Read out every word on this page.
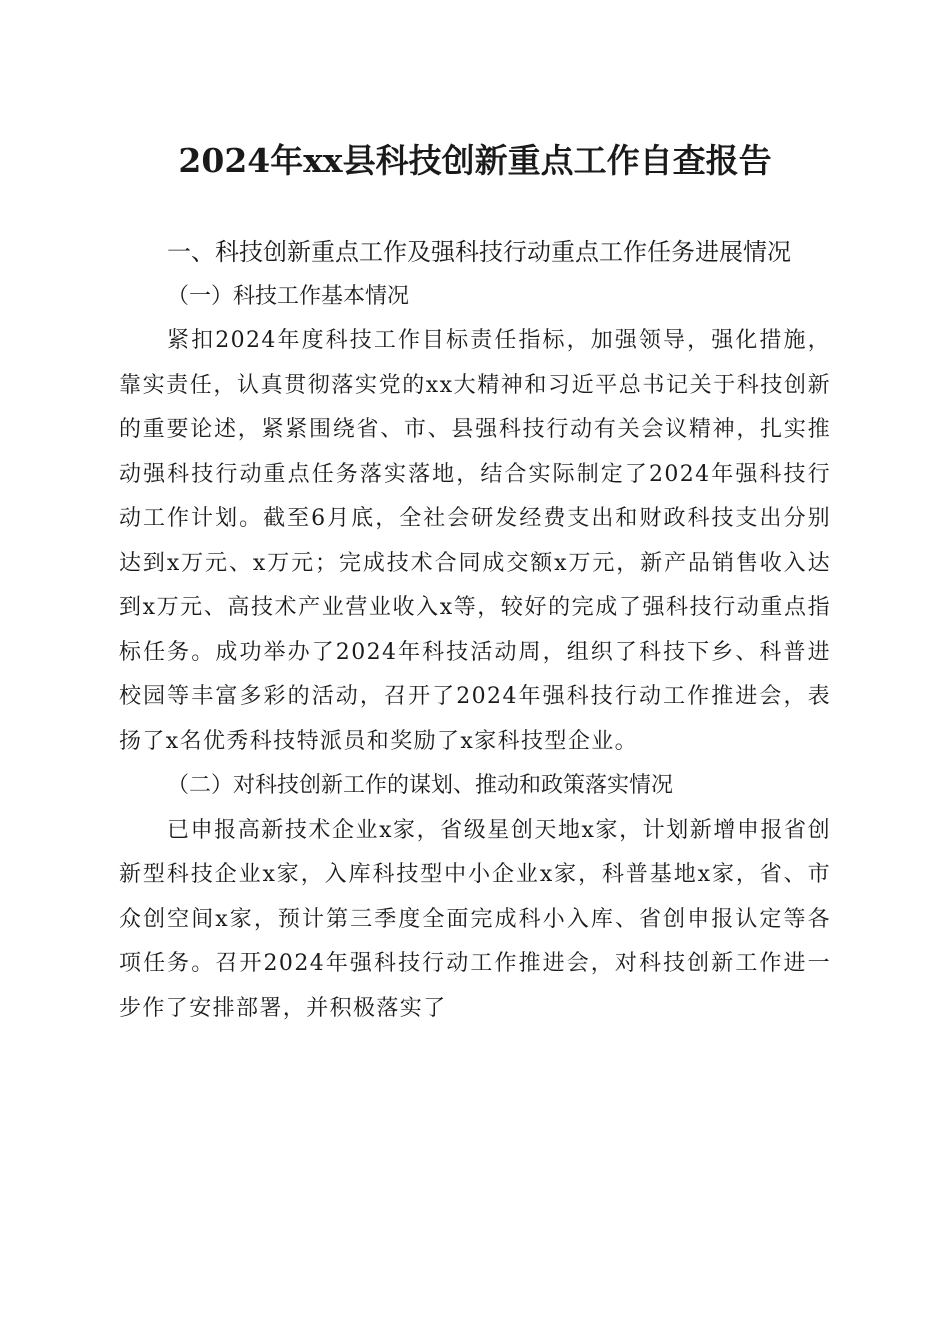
2024年xx县科技创新重点工作自查报告

一、科技创新重点工作及强科技行动重点工作任务进展情况

（一）科技工作基本情况

紧扣2024年度科技工作目标责任指标，加强领导，强化措施，靠实责任，认真贯彻落实党的xx大精神和习近平总书记关于科技创新的重要论述，紧紧围绕省、市、县强科技行动有关会议精神，扎实推动强科技行动重点任务落实落地，结合实际制定了2024年强科技行动工作计划。截至6月底，全社会研发经费支出和财政科技支出分别达到x万元、x万元；完成技术合同成交额x万元，新产品销售收入达到x万元、高技术产业营业收入x等，较好的完成了强科技行动重点指标任务。成功举办了2024年科技活动周，组织了科技下乡、科普进校园等丰富多彩的活动，召开了2024年强科技行动工作推进会，表扬了x名优秀科技特派员和奖励了x家科技型企业。

（二）对科技创新工作的谋划、推动和政策落实情况

已申报高新技术企业x家，省级星创天地x家，计划新增申报省创新型科技企业x家，入库科技型中小企业x家，科普基地x家，省、市众创空间x家，预计第三季度全面完成科小入库、省创申报认定等各项任务。召开2024年强科技行动工作推进会，对科技创新工作进一步作了安排部署，并积极落实了
